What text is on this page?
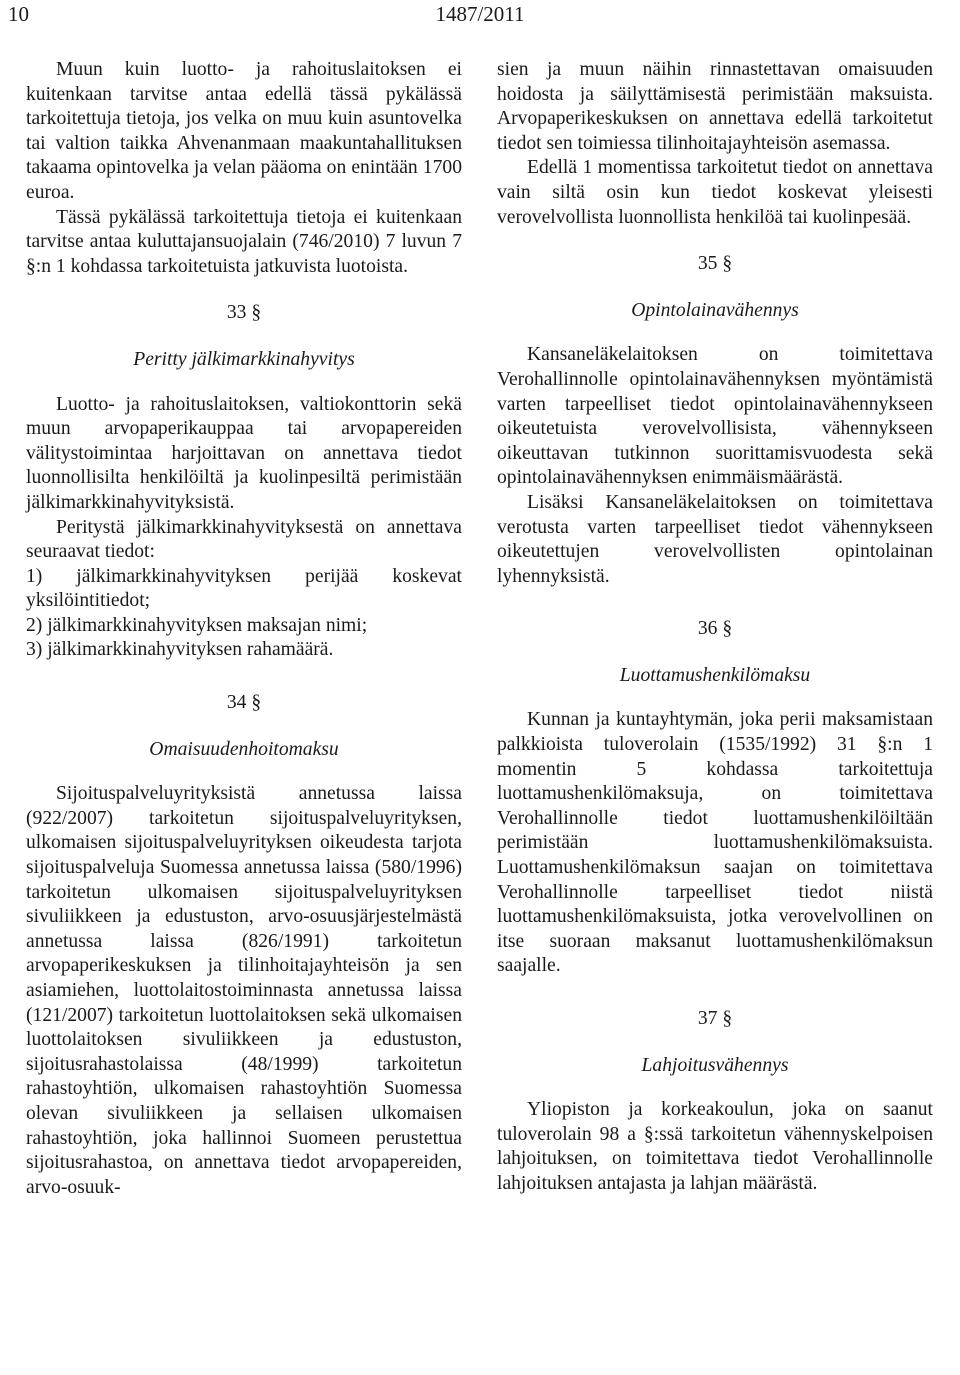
10	1487/2011

Muun kuin luotto- ja rahoituslaitoksen ei kuitenkaan tarvitse antaa edellä tässä pykälässä tarkoitettuja tietoja, jos velka on muu kuin asuntovelka tai valtion taikka Ahvenanmaan maakuntahallituksen takaama opintovelka ja velan pääoma on enintään 1700 euroa.

Tässä pykälässä tarkoitettuja tietoja ei kuitenkaan tarvitse antaa kuluttajansuojalain (746/2010) 7 luvun 7 §:n 1 kohdassa tarkoitetuista jatkuvista luotoista.

33 §

Peritty jälkimarkkinahyvitys

Luotto- ja rahoituslaitoksen, valtiokonttorin sekä muun arvopaperikauppaa tai arvopapereiden välitystoimintaa harjoittavan on annettava tiedot luonnollisilta henkilöiltä ja kuolinpesiltä perimistään jälkimarkkinahyvityksistä.

Peritystä jälkimarkkinahyvityksestä on annettava seuraavat tiedot:

1) jälkimarkkinahyvityksen perijää koskevat yksilöintitiedot;

2) jälkimarkkinahyvityksen maksajan nimi;

3) jälkimarkkinahyvityksen rahamäärä.

34 §

Omaisuudenhoitomaksu

Sijoituspalveluyrityksistä annetussa laissa (922/2007) tarkoitetun sijoituspalveluyrityksen, ulkomaisen sijoituspalveluyrityksen oikeudesta tarjota sijoituspalveluja Suomessa annetussa laissa (580/1996) tarkoitetun ulkomaisen sijoituspalveluyrityksen sivuliikkeen ja edustuston, arvo-osuusjärjestelmästä annetussa laissa (826/1991) tarkoitetun arvopaperikeskuksen ja tilinhoitajayhteisön ja sen asiamiehen, luottolaitostoiminnasta annetussa laissa (121/2007) tarkoitetun luottolaitoksen sekä ulkomaisen luottolaitoksen sivuliikkeen ja edustuston, sijoitusrahastolaissa (48/1999) tarkoitetun rahastoyhtiön, ulkomaisen rahastoyhtiön Suomessa olevan sivuliikkeen ja sellaisen ulkomaisen rahastoyhtiön, joka hallinnoi Suomeen perustettua sijoitusrahastoa, on annettava tiedot arvopapereiden, arvo-osuuk-

sien ja muun näihin rinnastettavan omaisuuden hoidosta ja säilyttämisestä perimistään maksuista. Arvopaperikeskuksen on annettava edellä tarkoitetut tiedot sen toimiessa tilinhoitajayhteisön asemassa.

Edellä 1 momentissa tarkoitetut tiedot on annettava vain siltä osin kun tiedot koskevat yleisesti verovelvollista luonnollista henkilöä tai kuolinpesää.

35 §

Opintolainavähennys

Kansaneläkelaitoksen on toimitettava Verohallinnolle opintolainavähennyksen myöntämistä varten tarpeelliset tiedot opintolainavähennykseen oikeutetuista verovelvollisista, vähennykseen oikeuttavan tutkinnon suorittamisvuodesta sekä opintolainavähennyksen enimmäismäärästä.

Lisäksi Kansaneläkelaitoksen on toimitettava verotusta varten tarpeelliset tiedot vähennykseen oikeutettujen verovelvollisten opintolainan lyhennyksistä.

36 §

Luottamushenkilömaksu

Kunnan ja kuntayhtymän, joka perii maksamistaan palkkioista tuloverolain (1535/1992) 31 §:n 1 momentin 5 kohdassa tarkoitettuja luottamushenkilömaksuja, on toimitettava Verohallinnolle tiedot luottamushenkilöiltään perimistään luottamushenkilömaksuista. Luottamushenkilömaksun saajan on toimitettava Verohallinnolle tarpeelliset tiedot niistä luottamushenkilömaksuista, jotka verovelvollinen on itse suoraan maksanut luottamushenkilömaksun saajalle.

37 §

Lahjoitusvähennys

Yliopiston ja korkeakoulun, joka on saanut tuloverolain 98 a §:ssä tarkoitetun vähennyskelpoisen lahjoituksen, on toimitettava tiedot Verohallinnolle lahjoituksen antajasta ja lahjan määrästä.
